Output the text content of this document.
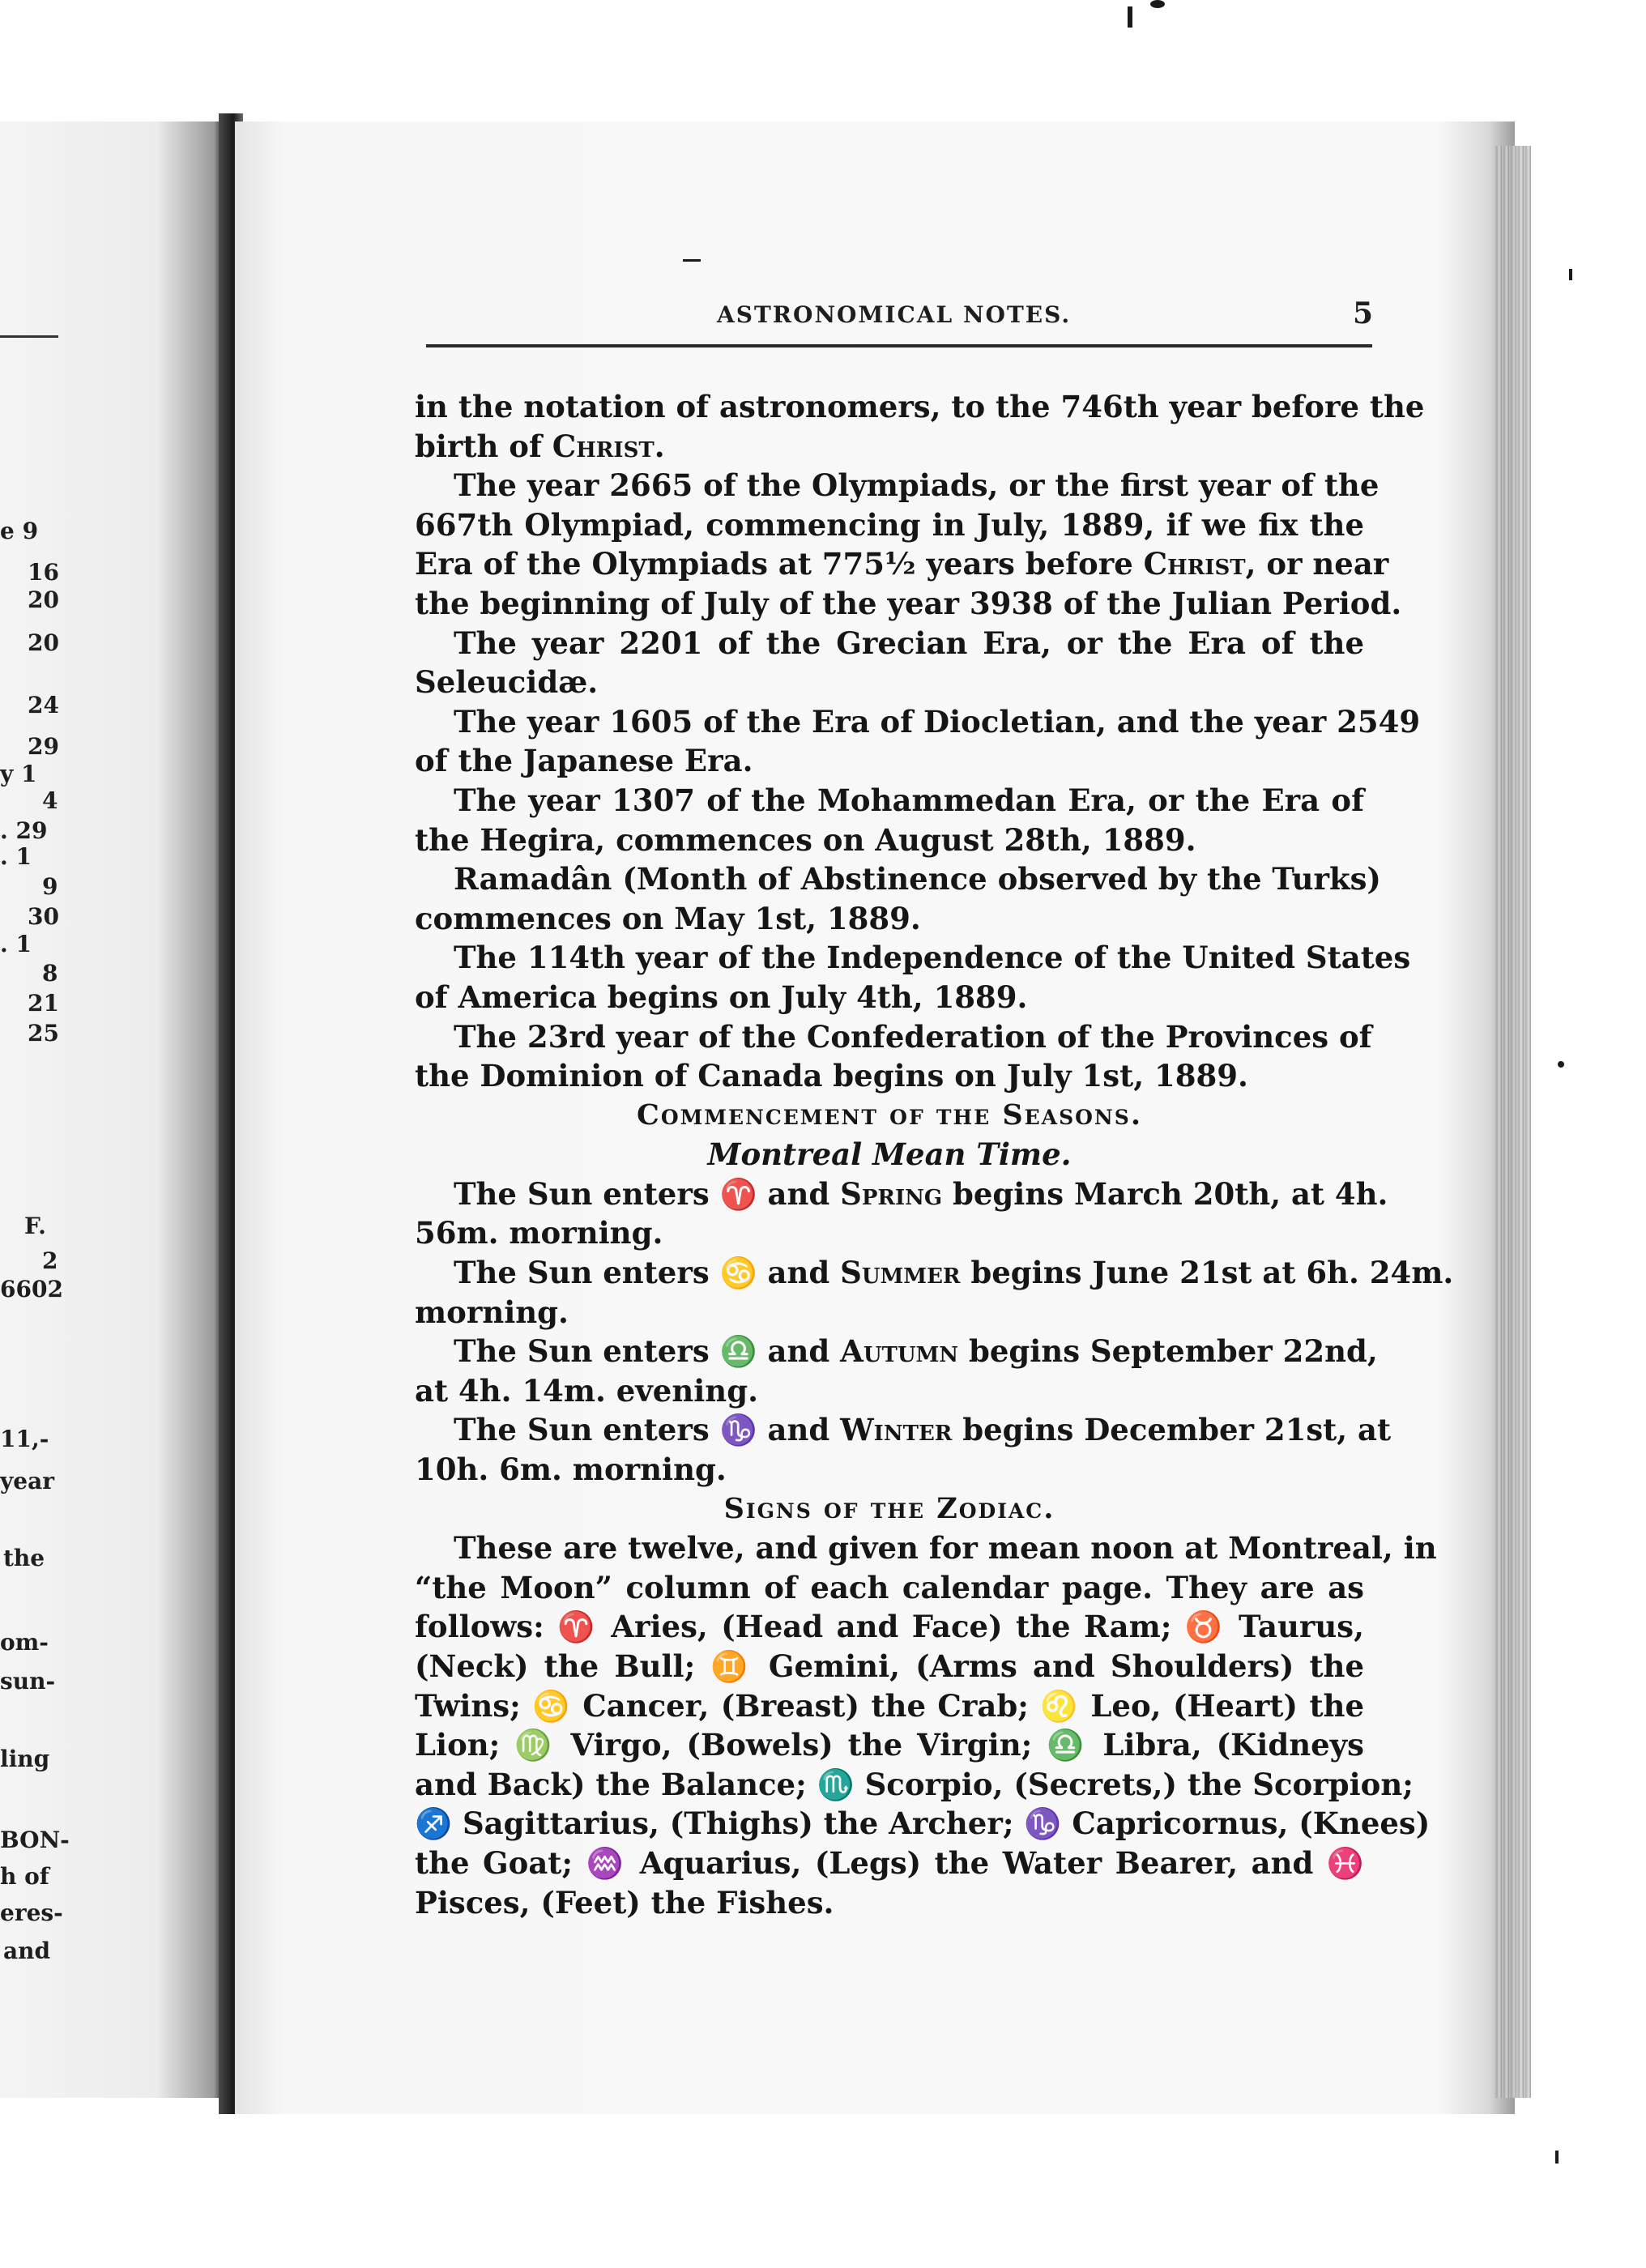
e 9
16
20
20
24
29
y 1
4
. 29
. 1
9
30
. 1
8
21
25
F.
2
6602
11,-
year
the
om-
sun-
ling
BON-
h of
eres-
and
ASTRONOMICAL NOTES.	5
in the notation of astronomers, to the 746th year before the
birth of Christ.
The year 2665 of the Olympiads, or the first year of the
667th Olympiad, commencing in July, 1889, if we fix the
Era of the Olympiads at 775½ years before Christ, or near
the beginning of July of the year 3938 of the Julian Period.
The year 2201 of the Grecian Era, or the Era of the
Seleucidæ.
The year 1605 of the Era of Diocletian, and the year 2549
of the Japanese Era.
The year 1307 of the Mohammedan Era, or the Era of
the Hegira, commences on August 28th, 1889.
Ramadân (Month of Abstinence observed by the Turks)
commences on May 1st, 1889.
The 114th year of the Independence of the United States
of America begins on July 4th, 1889.
The 23rd year of the Confederation of the Provinces of
the Dominion of Canada begins on July 1st, 1889.
Commencement of the Seasons.
Montreal Mean Time.
The Sun enters ♈ and Spring begins March 20th, at 4h.
56m. morning.
The Sun enters ♋ and Summer begins June 21st at 6h. 24m.
morning.
The Sun enters ♎ and Autumn begins September 22nd,
at 4h. 14m. evening.
The Sun enters ♑ and Winter begins December 21st, at
10h. 6m. morning.
Signs of the Zodiac.
These are twelve, and given for mean noon at Montreal, in
“the Moon” column of each calendar page. They are as
follows: ♈ Aries, (Head and Face) the Ram; ♉ Taurus,
(Neck) the Bull; ♊ Gemini, (Arms and Shoulders) the
Twins; ♋ Cancer, (Breast) the Crab; ♌ Leo, (Heart) the
Lion; ♍ Virgo, (Bowels) the Virgin; ♎ Libra, (Kidneys
and Back) the Balance; ♏ Scorpio, (Secrets,) the Scorpion;
♐ Sagittarius, (Thighs) the Archer; ♑ Capricornus, (Knees)
the Goat; ♒ Aquarius, (Legs) the Water Bearer, and ♓
Pisces, (Feet) the Fishes.
